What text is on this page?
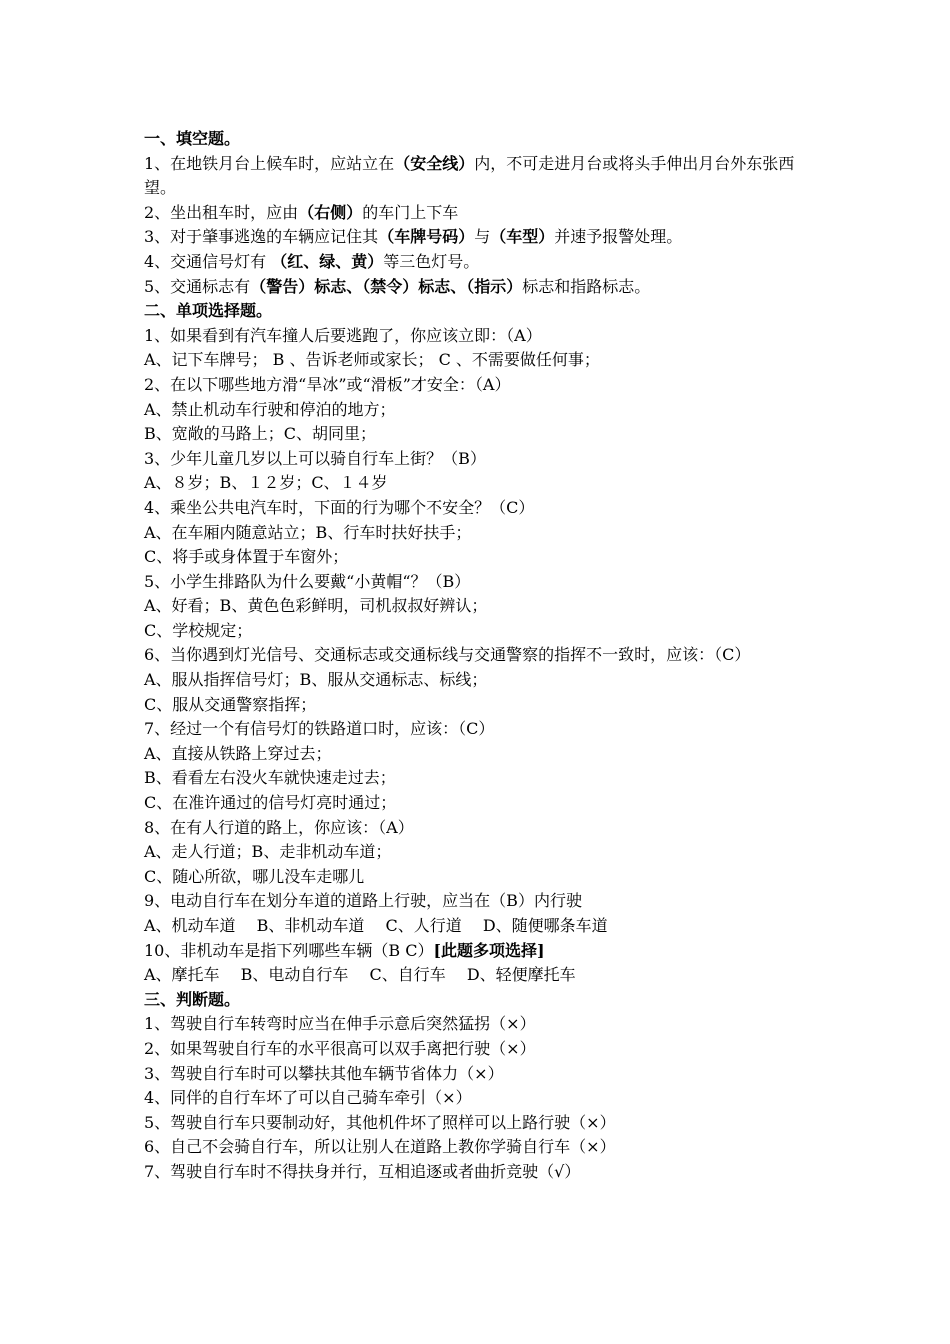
一、填空题。
1、在地铁月台上候车时，应站立在（安全线）内，不可走进月台或将头手伸出月台外东张西望。
2、坐出租车时，应由（右侧）的车门上下车
3、对于肇事逃逸的车辆应记住其（车牌号码）与（车型）并速予报警处理。
4、交通信号灯有 （红、绿、黄）等三色灯号。
5、交通标志有（警告）标志、（禁令）标志、（指示）标志和指路标志。
二、单项选择题。
1、如果看到有汽车撞人后要逃跑了，你应该立即：（A）
A、记下车牌号； B 、告诉老师或家长； C 、不需要做任何事；
2、在以下哪些地方滑“旱冰”或“滑板”才安全：（A）
A、禁止机动车行驶和停泊的地方；
B、宽敞的马路上；C、胡同里；
3、少年儿童几岁以上可以骑自行车上街？（B）
A、８岁；B、１２岁；C、１４岁
4、乘坐公共电汽车时，下面的行为哪个不安全？（C）
A、在车厢内随意站立；B、行车时扶好扶手；
C、将手或身体置于车窗外；
5、小学生排路队为什么要戴“小黄帽“？（B）
A、好看；B、黄色色彩鲜明，司机叔叔好辨认；
C、学校规定；
6、当你遇到灯光信号、交通标志或交通标线与交通警察的指挥不一致时，应该：（C）
A、服从指挥信号灯；B、服从交通标志、标线；
C、服从交通警察指挥；
7、经过一个有信号灯的铁路道口时，应该：（C）
A、直接从铁路上穿过去；
B、看看左右没火车就快速走过去；
C、在准许通过的信号灯亮时通过；
8、在有人行道的路上，你应该：（A）
A、走人行道；B、走非机动车道；
C、随心所欲，哪儿没车走哪儿
9、电动自行车在划分车道的道路上行驶，应当在（B）内行驶
A、机动车道　 B、非机动车道　 C、人行道　 D、随便哪条车道
10、非机动车是指下列哪些车辆（B C）[此题多项选择]
A、摩托车　 B、电动自行车　 C、自行车　 D、轻便摩托车
三、判断题。
1、驾驶自行车转弯时应当在伸手示意后突然猛拐（×）
2、如果驾驶自行车的水平很高可以双手离把行驶（×）
3、驾驶自行车时可以攀扶其他车辆节省体力（×）
4、同伴的自行车坏了可以自己骑车牵引（×）
5、驾驶自行车只要制动好，其他机件坏了照样可以上路行驶（×）
6、自己不会骑自行车，所以让别人在道路上教你学骑自行车（×）
7、驾驶自行车时不得扶身并行，互相追逐或者曲折竞驶（√）
